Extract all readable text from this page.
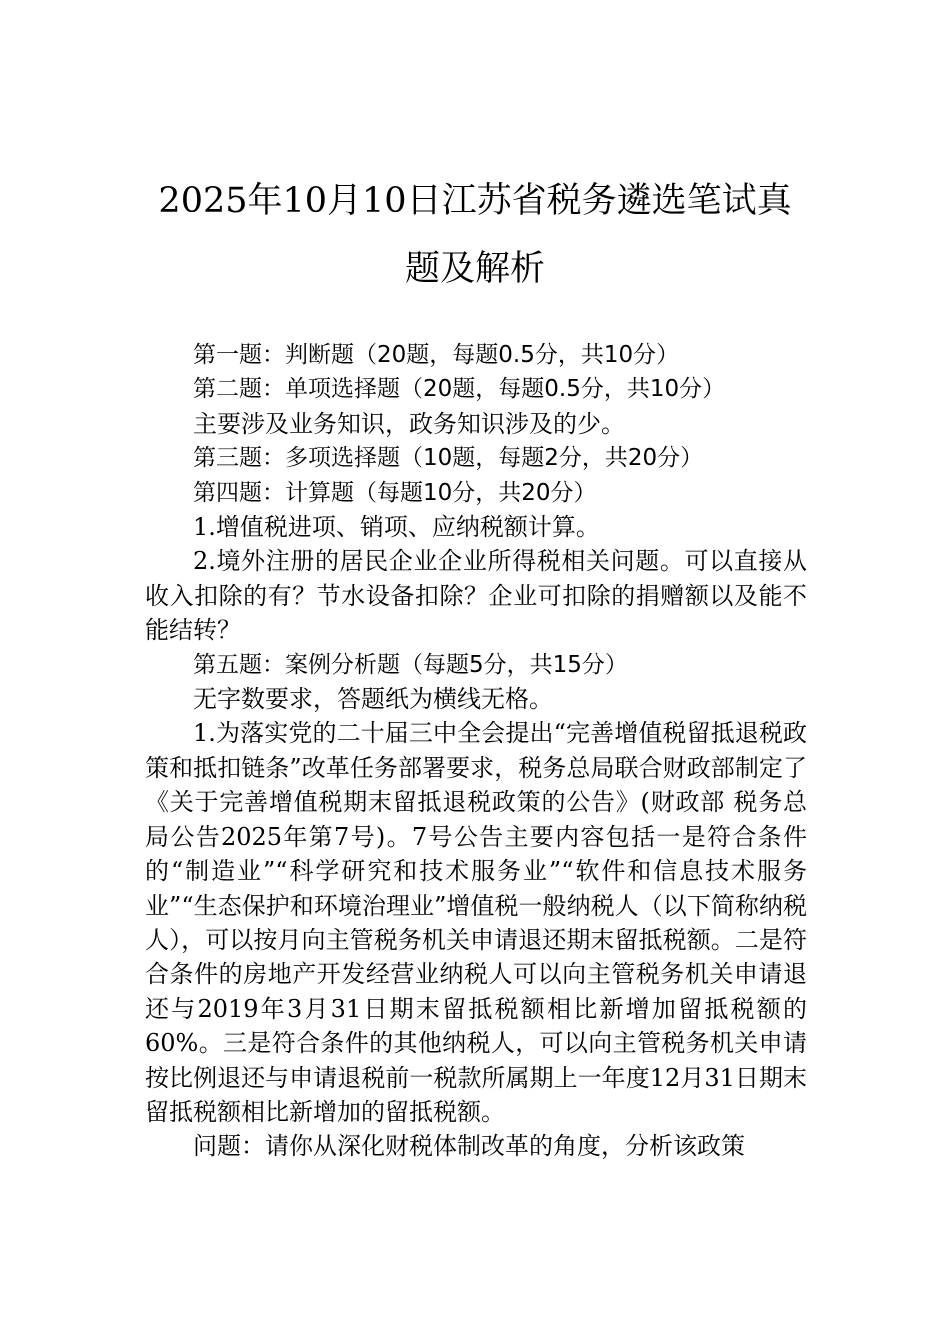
2025年10月10日江苏省税务遴选笔试真
题及解析

第一题：判断题（20题，每题0.5分，共10分）

第二题：单项选择题（20题，每题0.5分，共10分）

主要涉及业务知识，政务知识涉及的少。

第三题：多项选择题（10题，每题2分，共20分）

第四题：计算题（每题10分，共20分）

1.增值税进项、销项、应纳税额计算。

2.境外注册的居民企业企业所得税相关问题。可以直接从收入扣除的有？节水设备扣除？企业可扣除的捐赠额以及能不能结转？

第五题：案例分析题（每题5分，共15分）

无字数要求，答题纸为横线无格。

1.为落实党的二十届三中全会提出“完善增值税留抵退税政策和抵扣链条”改革任务部署要求，税务总局联合财政部制定了《关于完善增值税期末留抵退税政策的公告》(财政部 税务总局公告2025年第7号)。7号公告主要内容包括一是符合条件的“制造业”“科学研究和技术服务业”“软件和信息技术服务业”“生态保护和环境治理业”增值税一般纳税人（以下简称纳税人），可以按月向主管税务机关申请退还期末留抵税额。二是符合条件的房地产开发经营业纳税人可以向主管税务机关申请退还与2019年3月31日期末留抵税额相比新增加留抵税额的60%。三是符合条件的其他纳税人，可以向主管税务机关申请按比例退还与申请退税前一税款所属期上一年度12月31日期末留抵税额相比新增加的留抵税额。

问题：请你从深化财税体制改革的角度，分析该政策
